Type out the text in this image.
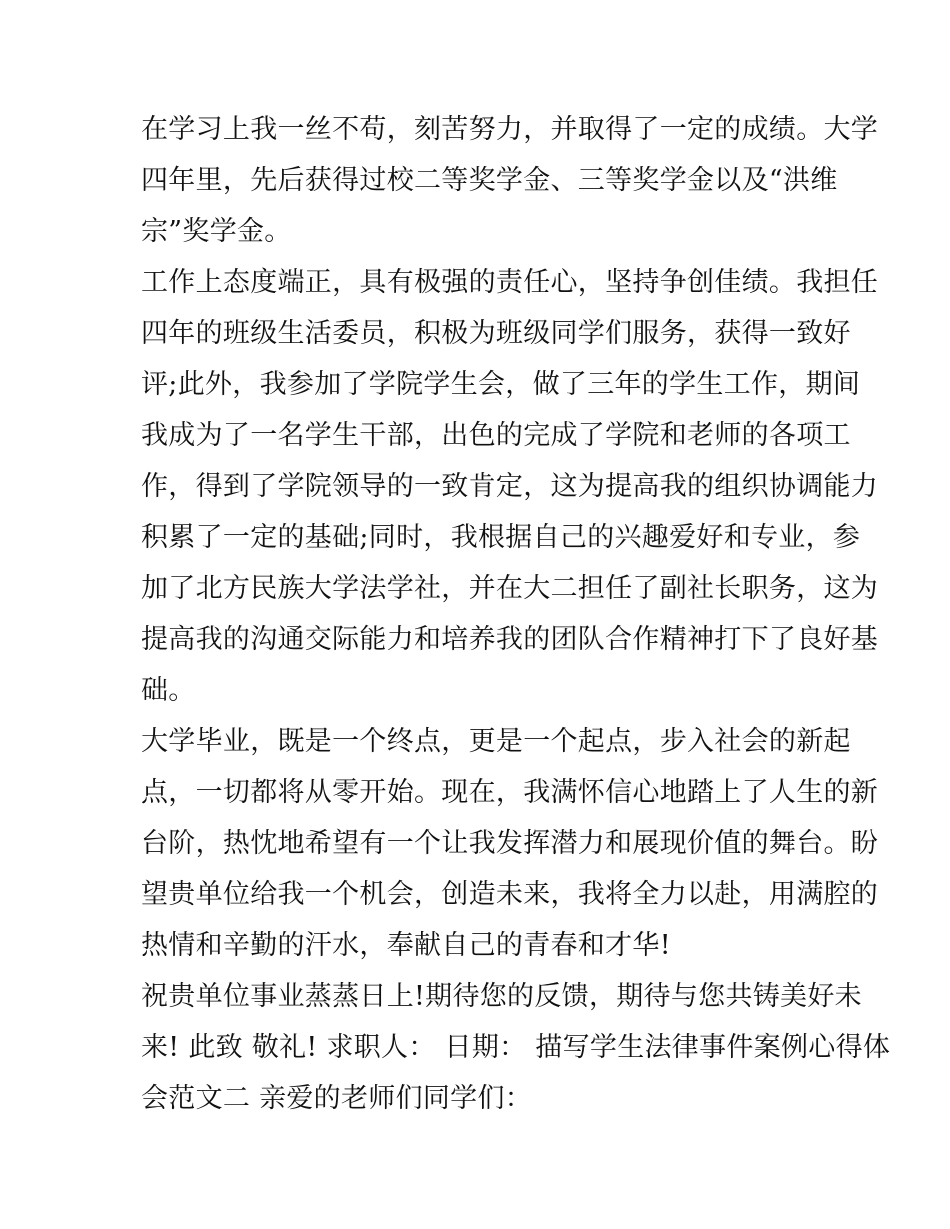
在学习上我一丝不苟，刻苦努力，并取得了一定的成绩。大学
四年里，先后获得过校二等奖学金、三等奖学金以及“洪维
宗”奖学金。
工作上态度端正，具有极强的责任心，坚持争创佳绩。我担任
四年的班级生活委员，积极为班级同学们服务，获得一致好
评;此外，我参加了学院学生会，做了三年的学生工作，期间
我成为了一名学生干部，出色的完成了学院和老师的各项工
作，得到了学院领导的一致肯定，这为提高我的组织协调能力
积累了一定的基础;同时，我根据自己的兴趣爱好和专业，参
加了北方民族大学法学社，并在大二担任了副社长职务，这为
提高我的沟通交际能力和培养我的团队合作精神打下了良好基
础。
大学毕业，既是一个终点，更是一个起点，步入社会的新起
点，一切都将从零开始。现在，我满怀信心地踏上了人生的新
台阶，热忱地希望有一个让我发挥潜力和展现价值的舞台。盼
望贵单位给我一个机会，创造未来，我将全力以赴，用满腔的
热情和辛勤的汗水，奉献自己的青春和才华!
祝贵单位事业蒸蒸日上!期待您的反馈，期待与您共铸美好未
来! 此致 敬礼! 求职人： 日期： 描写学生法律事件案例心得体
会范文二 亲爱的老师们同学们：
